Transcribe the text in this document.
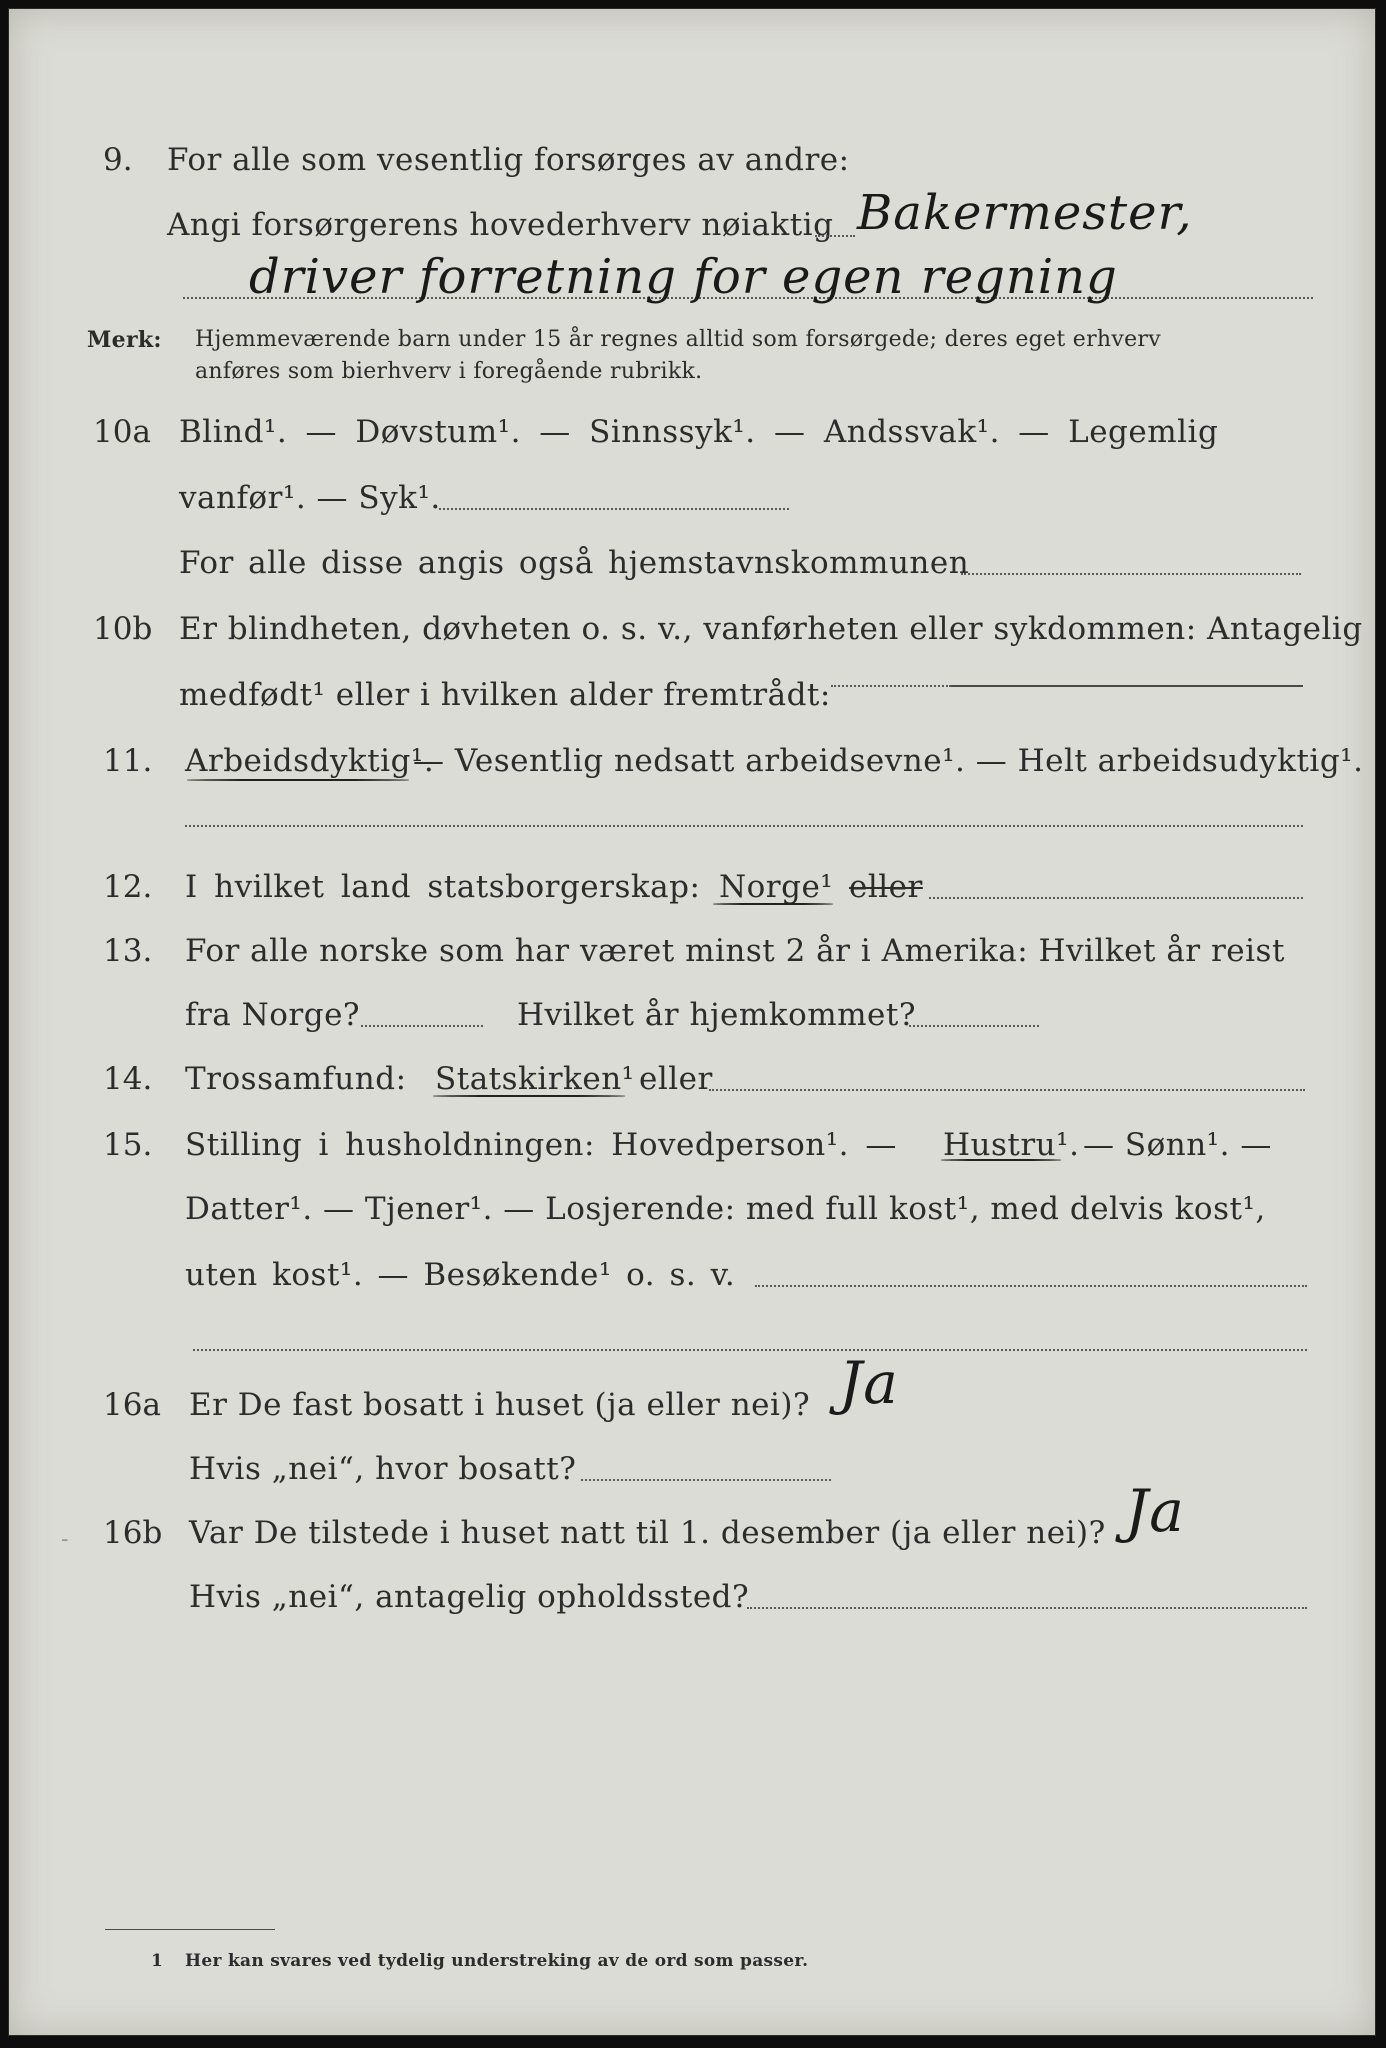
9. For alle som vesentlig forsørges av andre:
Angi forsørgerens hovederhverv nøiaktig Bakermester,
driver forretning for egen regning
Merk: Hjemmeværende barn under 15 år regnes alltid som forsørgede; deres eget erhverv
anføres som bierhverv i foregående rubrikk.
10a Blind¹. — Døvstum¹. — Sinnssyk¹. — Andssvak¹. — Legemlig
vanfør¹. — Syk¹.
For alle disse angis også hjemstavnskommunen
10b Er blindheten, døvheten o. s. v., vanførheten eller sykdommen: Antagelig
medfødt¹ eller i hvilken alder fremtrådt:
11. Arbeidsdyktig¹.
— Vesentlig nedsatt arbeidsevne¹. — Helt arbeidsudyktig¹.
12. I hvilket land statsborgerskap: Norge¹ eller
13. For alle norske som har været minst 2 år i Amerika: Hvilket år reist
fra Norge?	Hvilket år hjemkommet?
14. Trossamfund: Statskirken¹ eller
15. Stilling i husholdningen: Hovedperson¹. — Hustru¹. — Sønn¹. —
Datter¹. — Tjener¹. — Losjerende: med full kost¹, med delvis kost¹,
uten kost¹. — Besøkende¹ o. s. v.
16a Er De fast bosatt i huset (ja eller nei)? Ja
Hvis „nei“, hvor bosatt?
- 16b Var De tilstede i huset natt til 1. desember (ja eller nei)? Ja
Hvis „nei“, antagelig opholdssted?
1 Her kan svares ved tydelig understreking av de ord som passer.
